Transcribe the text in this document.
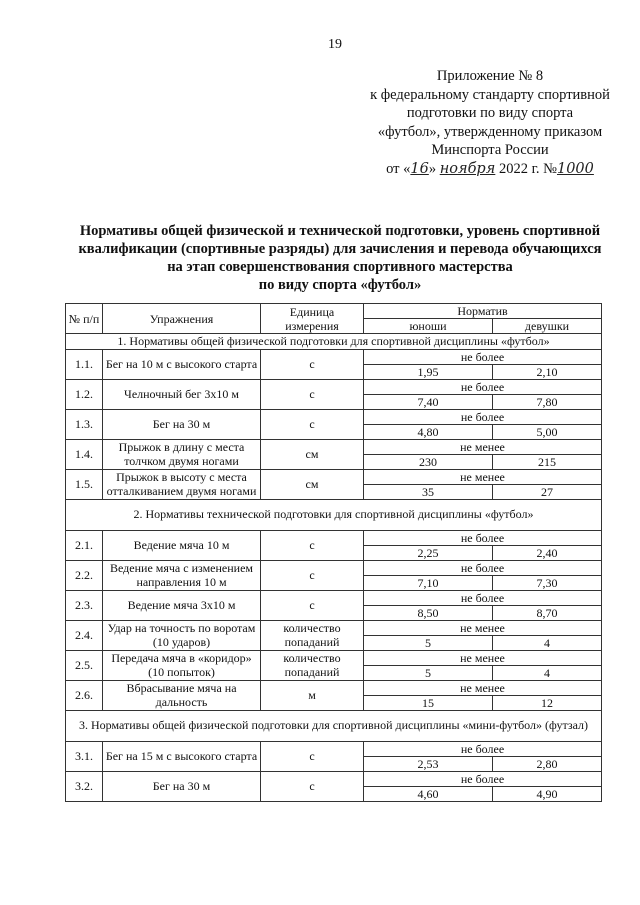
19
Приложение № 8
к федеральному стандарту спортивной
подготовки по виду спорта
«футбол», утвержденному приказом
Минспорта России
от «16» ноября 2022 г. №1000
Нормативы общей физической и технической подготовки, уровень спортивной
квалификации (спортивные разряды) для зачисления и перевода обучающихся
на этап совершенствования спортивного мастерства
по виду спорта «футбол»
№ п/п	Упражнения	Единица измерения	Норматив	
			юноши	девушки
1. Нормативы общей физической подготовки для спортивной дисциплины «футбол»				
1.1.	Бег на 10 м с высокого старта	с	не более	
			1,95	2,10
1.2.	Челночный бег 3х10 м	с	не более	
			7,40	7,80
1.3.	Бег на 30 м	с	не более	
			4,80	5,00
1.4.	Прыжок в длину с места толчком двумя ногами	см	не менее	
			230	215
1.5.	Прыжок в высоту с места отталкиванием двумя ногами	см	не менее	
			35	27
2. Нормативы технической подготовки для спортивной дисциплины «футбол»				
2.1.	Ведение мяча 10 м	с	не более	
			2,25	2,40
2.2.	Ведение мяча с изменением направления 10 м	с	не более	
			7,10	7,30
2.3.	Ведение мяча 3х10 м	с	не более	
			8,50	8,70
2.4.	Удар на точность по воротам (10 ударов)	количество попаданий	не менее	
			5	4
2.5.	Передача мяча в «коридор» (10 попыток)	количество попаданий	не менее	
			5	4
2.6.	Вбрасывание мяча на дальность	м	не менее	
			15	12
3. Нормативы общей физической подготовки для спортивной дисциплины «мини-футбол» (футзал)				
3.1.	Бег на 15 м с высокого старта	с	не более	
			2,53	2,80
3.2.	Бег на 30 м	с	не более	
			4,60	4,90
